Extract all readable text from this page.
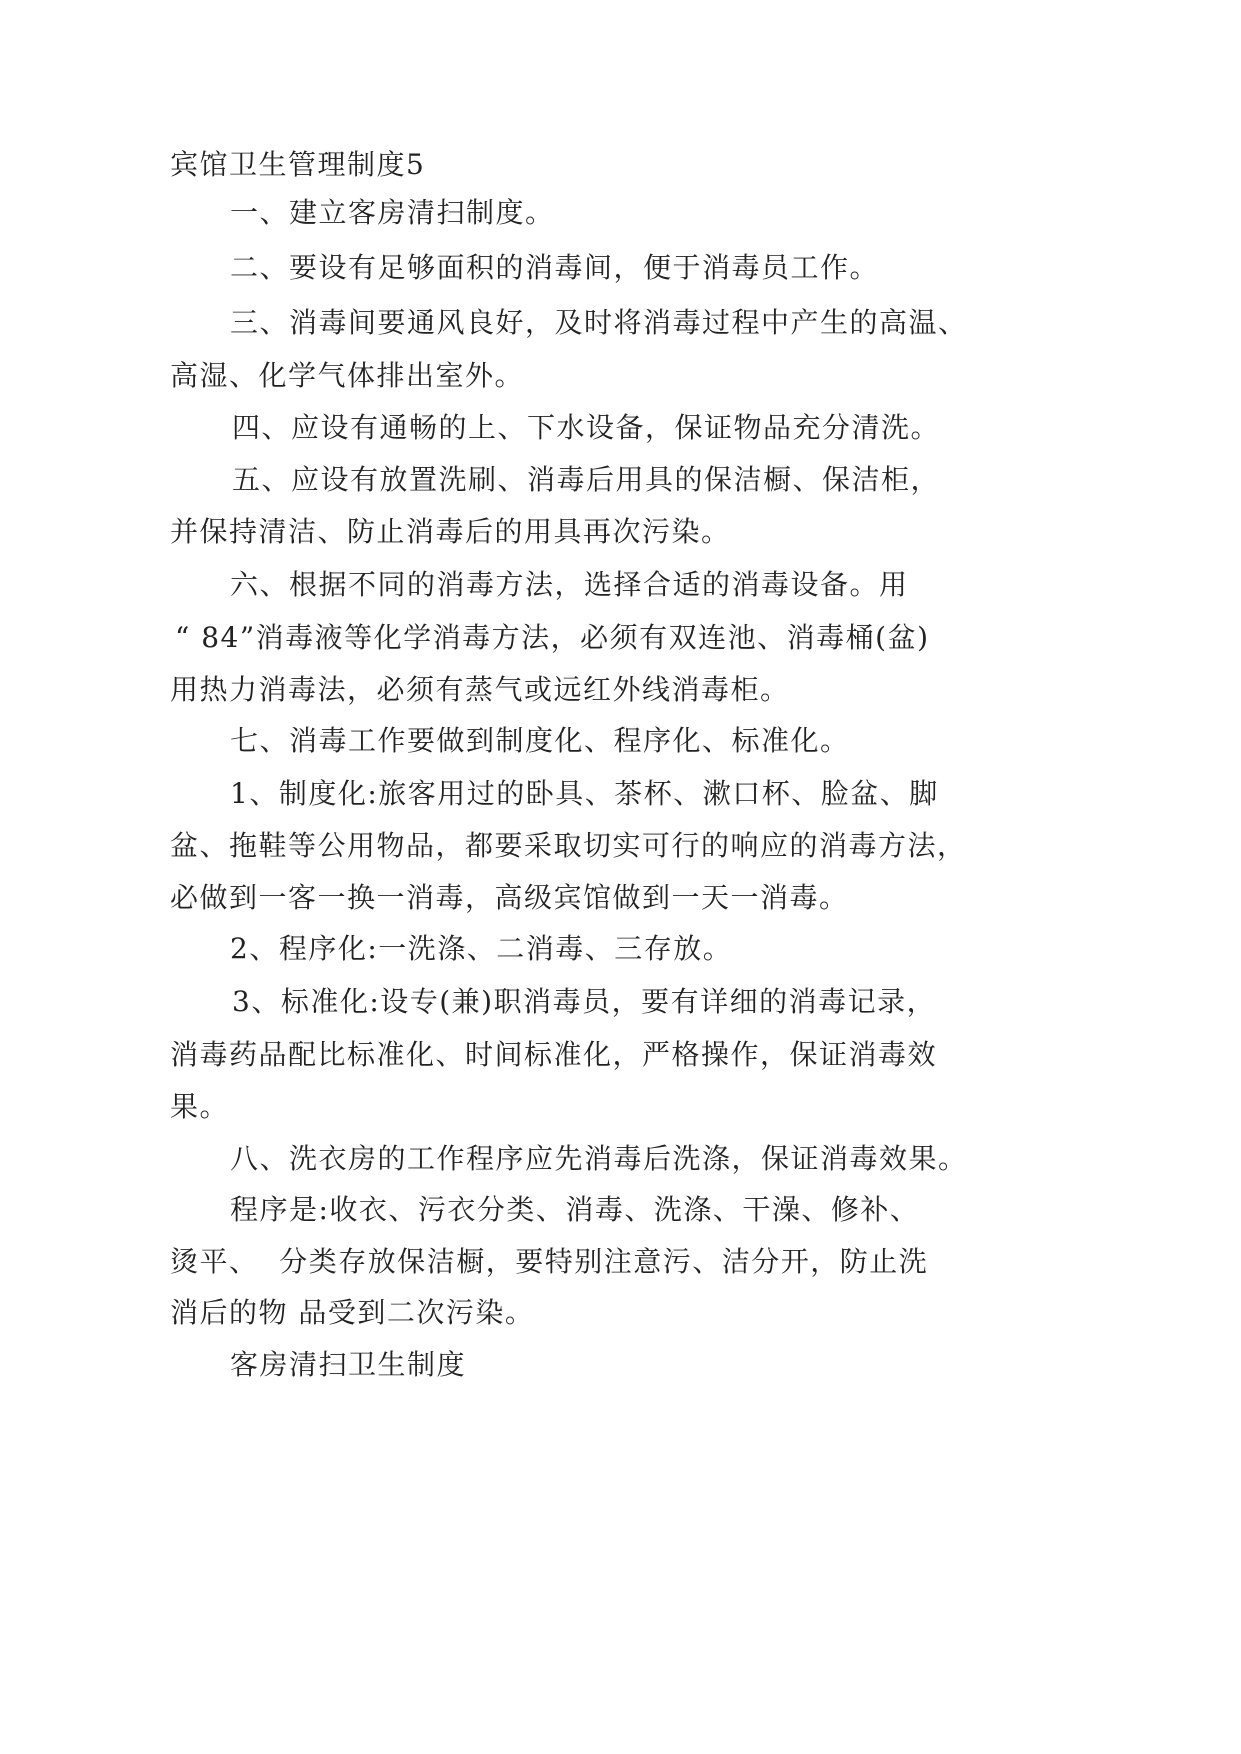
宾馆卫生管理制度5
一、建立客房清扫制度。
二、要设有足够面积的消毒间，便于消毒员工作。
三、消毒间要通风良好，及时将消毒过程中产生的高温、
高湿、化学气体排出室外。
四、应设有通畅的上、下水设备，保证物品充分清洗。
五、应设有放置洗刷、消毒后用具的保洁橱、保洁柜，
并保持清洁、防止消毒后的用具再次污染。
六、根据不同的消毒方法，选择合适的消毒设备。用
“ 84”消毒液等化学消毒方法，必须有双连池、消毒桶(盆)
用热力消毒法，必须有蒸气或远红外线消毒柜。
七、消毒工作要做到制度化、程序化、标准化。
1、制度化:旅客用过的卧具、茶杯、漱口杯、脸盆、脚
盆、拖鞋等公用物品，都要采取切实可行的响应的消毒方法，
必做到一客一换一消毒，高级宾馆做到一天一消毒。
2、程序化:一洗涤、二消毒、三存放。
3、标准化:设专(兼)职消毒员，要有详细的消毒记录，
消毒药品配比标准化、时间标准化，严格操作，保证消毒效
果。
八、洗衣房的工作程序应先消毒后洗涤，保证消毒效果。
程序是:收衣、污衣分类、消毒、洗涤、干澡、修补、
烫平、  分类存放保洁橱，要特别注意污、洁分开，防止洗
消后的物 品受到二次污染。
客房清扫卫生制度
